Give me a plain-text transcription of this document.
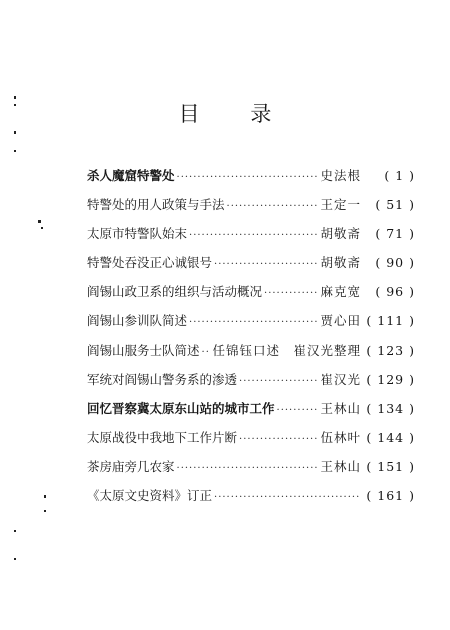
目 录
杀人魔窟特警处 ·····	史法根	( 1 )
特警处的用人政策与手法 ·····	王定一	( 51 )
太原市特警队始末 ·····	胡敬斋	( 71 )
特警处吞没正心诚银号 ·····	胡敬斋	( 90 )
阎锡山政卫系的组织与活动概况 ·····	麻克宽	( 96 )
阎锡山参训队简述 ·····	贾心田	( 111 )
阎锡山服务士队简述 ····· 任锦钰口述　崔汉光整理	( 123 )
军统对阎锡山警务系的渗透 ·····	崔汉光	( 129 )
回忆晋察冀太原东山站的城市工作 ·····	王林山	( 134 )
太原战役中我地下工作片断 ·····	伍林叶	( 144 )
茶房庙旁几农家 ·····	王林山	( 151 )
《太原文史资料》订正 ·····	( 161 )
